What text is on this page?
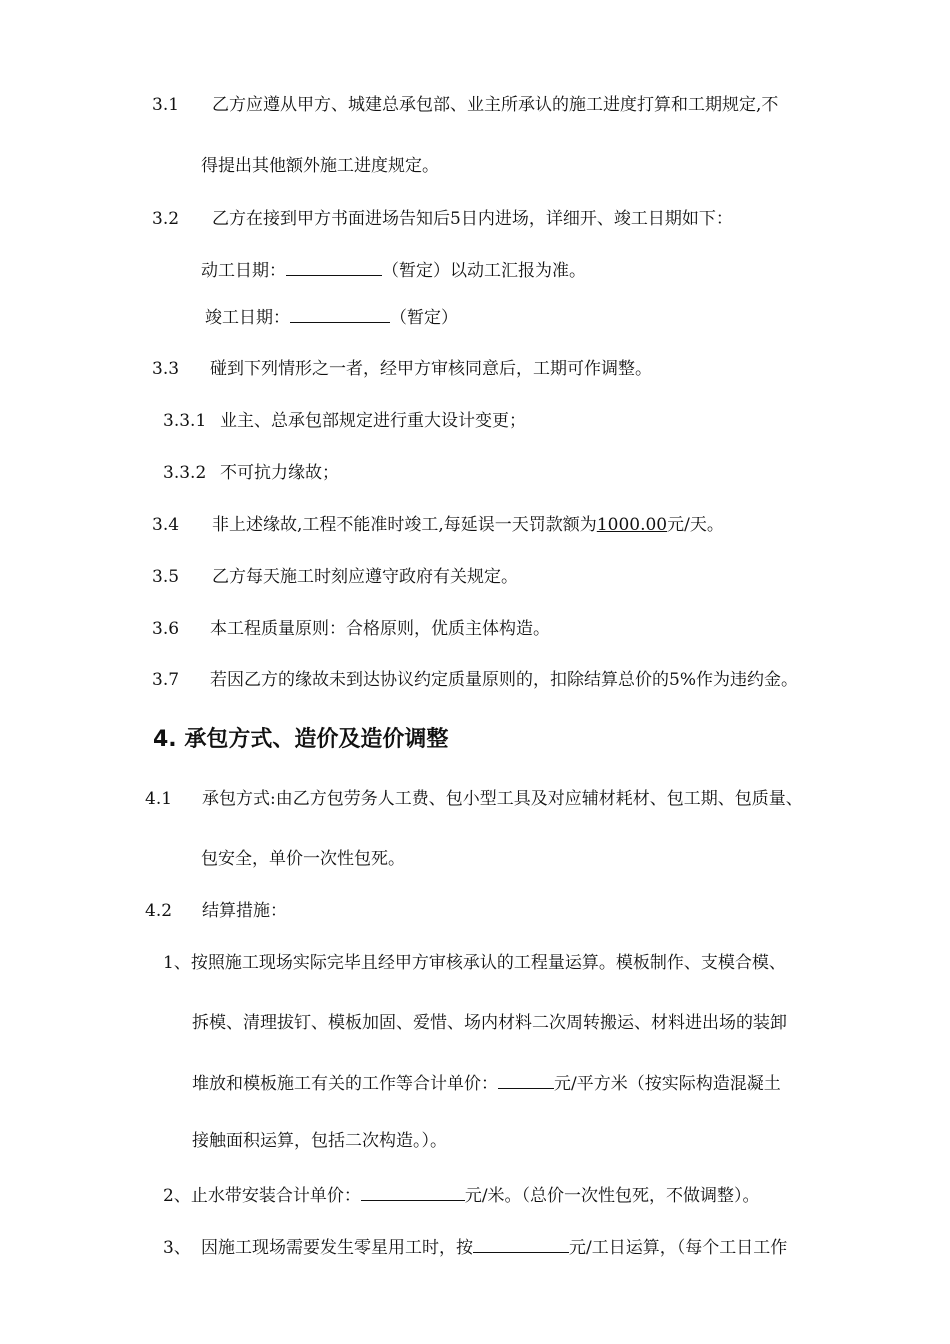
3.1 乙方应遵从甲方、城建总承包部、业主所承认的施工进度打算和工期规定,不
得提出其他额外施工进度规定。
3.2 乙方在接到甲方书面进场告知后5日内进场，详细开、竣工日期如下：
动工日期：	（暂定）以动工汇报为准。
竣工日期：	（暂定）
3.3 碰到下列情形之一者，经甲方审核同意后，工期可作调整。
3.3.1 业主、总承包部规定进行重大设计变更；
3.3.2 不可抗力缘故；
3.4 非上述缘故,工程不能准时竣工,每延误一天罚款额为1000.00元/天。
3.5 乙方每天施工时刻应遵守政府有关规定。
3.6 本工程质量原则：合格原则，优质主体构造。
3.7 若因乙方的缘故未到达协议约定质量原则的，扣除结算总价的5%作为违约金。
4. 承包方式、造价及造价调整
4.1 承包方式:由乙方包劳务人工费、包小型工具及对应辅材耗材、包工期、包质量、
包安全，单价一次性包死。
4.2 结算措施：
1、按照施工现场实际完毕且经甲方审核承认的工程量运算。模板制作、支模合模、
拆模、清理拔钉、模板加固、爱惜、场内材料二次周转搬运、材料进出场的装卸
堆放和模板施工有关的工作等合计单价：	元/平方米（按实际构造混凝土
接触面积运算，包括二次构造。）。
2、止水带安装合计单价：	元/米。（总价一次性包死，不做调整）。
3、 因施工现场需要发生零星用工时，按	元/工日运算，（每个工日工作
